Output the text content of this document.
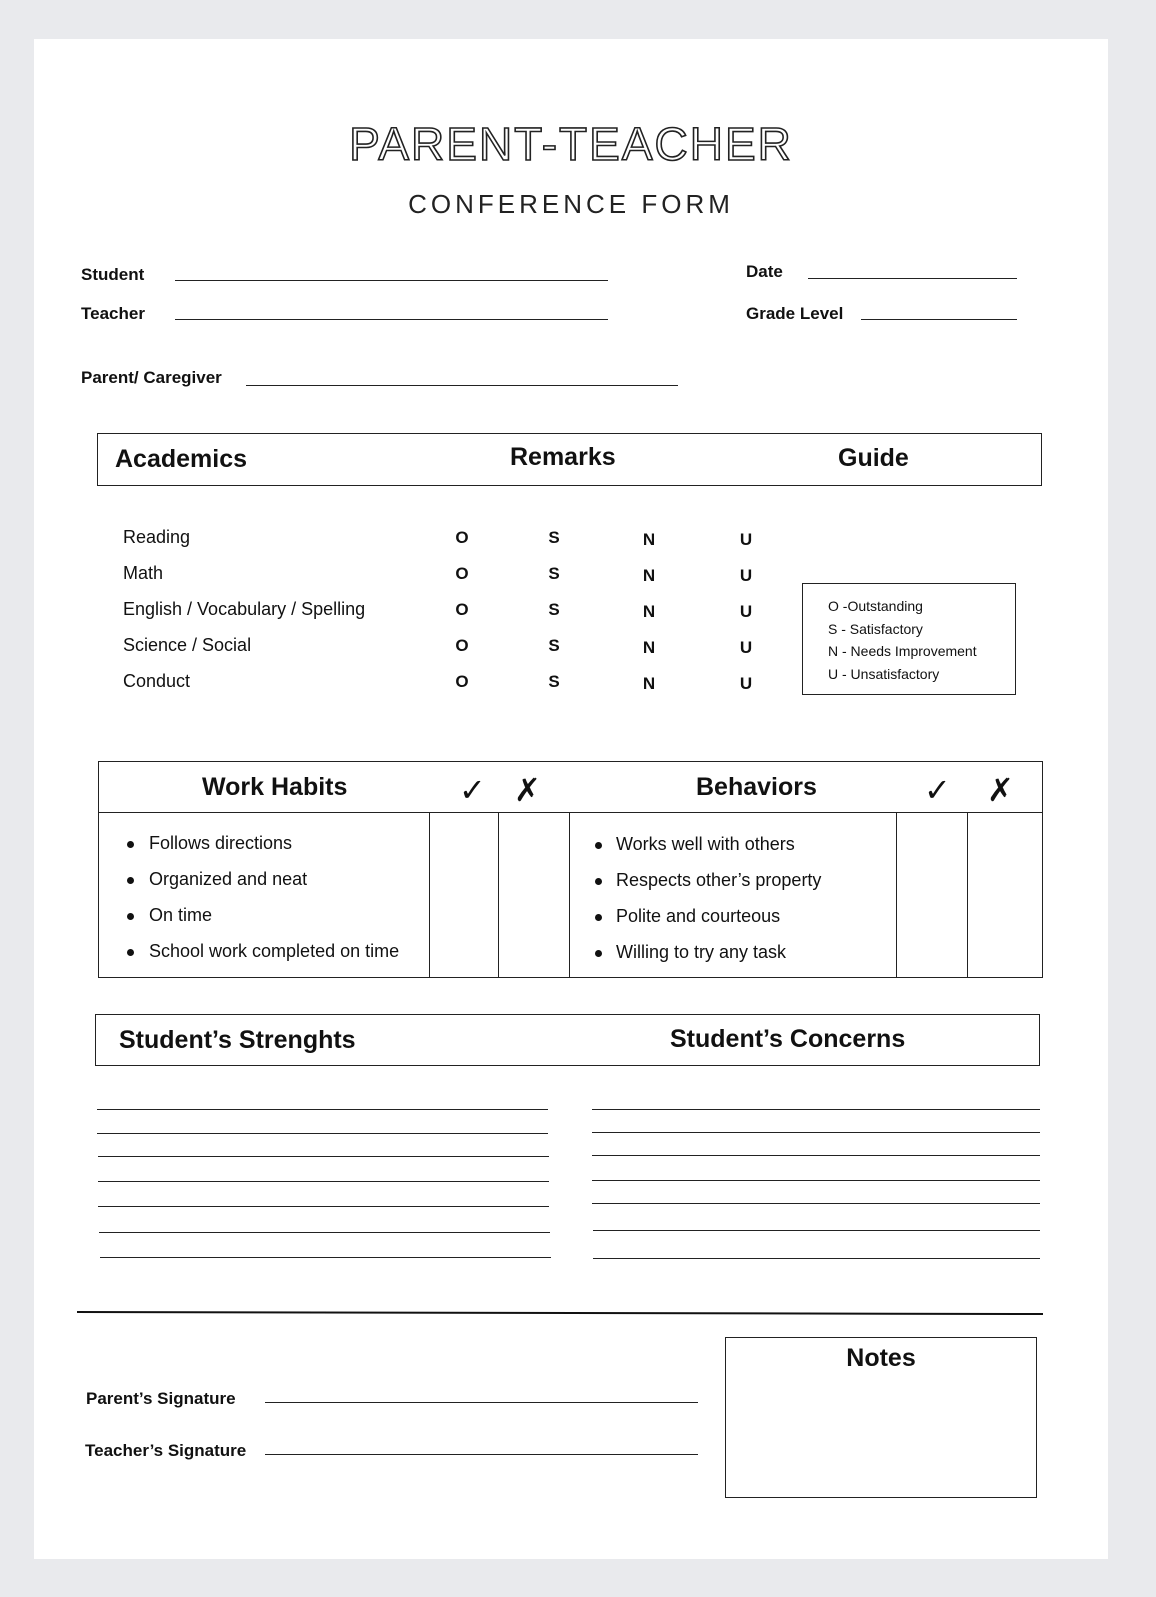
PARENT-TEACHER
CONFERENCE FORM
Student
Teacher
Date
Grade Level
Parent/ Caregiver
Academics	Remarks	Guide
Reading	O	S	N	U
Math	O	S	N	U
English / Vocabulary / Spelling	O	S	N	U
Science / Social	O	S	N	U
Conduct	O	S	N	U
O -Outstanding
S - Satisfactory
N - Needs Improvement
U - Unsatisfactory
Work Habits	✓ ✗	Behaviors	✓ ✗
Follows directions
Organized and neat
On time
School work completed on time
Works well with others
Respects other’s property
Polite and courteous
Willing to try any task
Student’s Strenghts	Student’s Concerns
Parent’s Signature
Teacher’s Signature
Notes
